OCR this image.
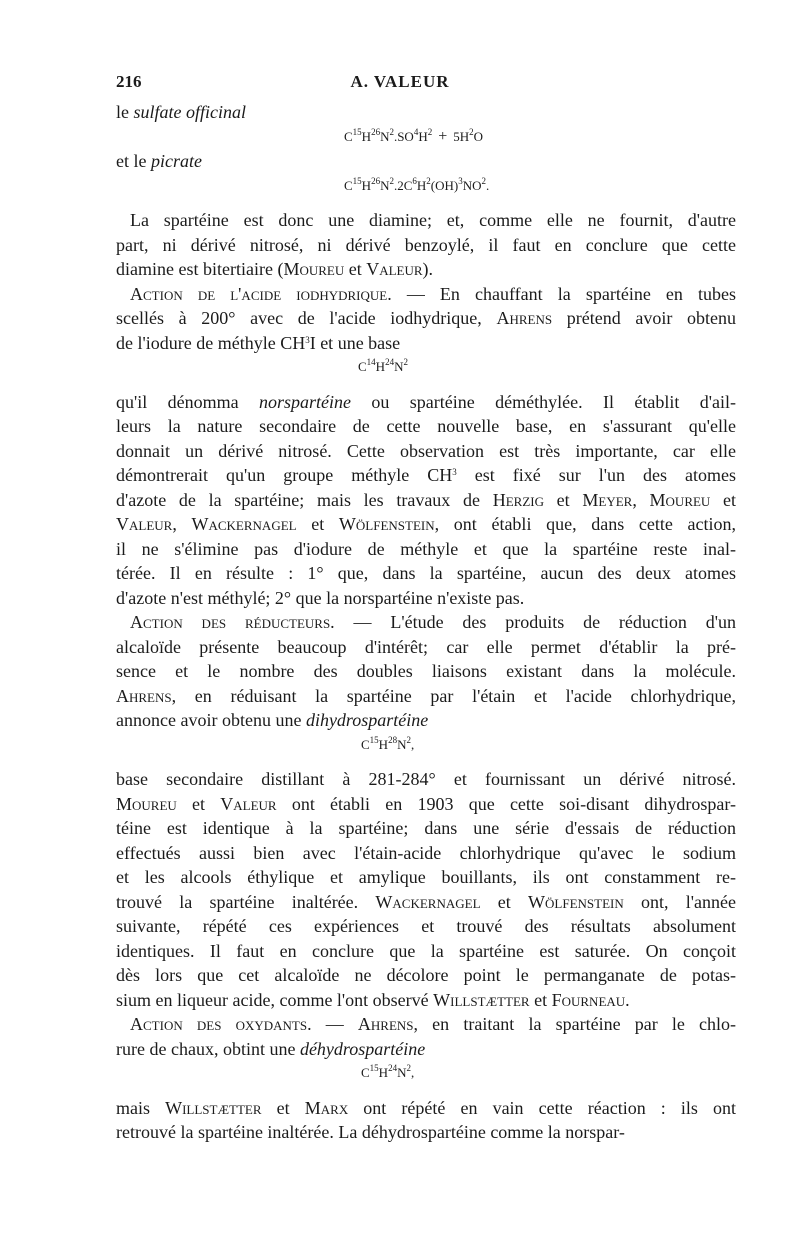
A. VALEUR
216
le sulfate officinal
$C^{15}H^{26}N^2.SO^4H^2 + 5H^2O$
et le picrate
$C^{15}H^{26}N^2.2C^6H^2(OH)^3NO^2$.
La spartéine est donc une diamine; et, comme elle ne fournit, d'autre
part, ni dérivé nitrosé, ni dérivé benzoylé, il faut en conclure que cette
diamine est bitertiaire (Moureu et Valeur).
Action de l'acide iodhydrique. — En chauffant la spartéine en tubes
scellés à 200° avec de l'acide iodhydrique, Ahrens prétend avoir obtenu
de l'iodure de méthyle $CH^3I$ et une base
$C^{14}H^{24}N^2$
qu'il dénomma norspartéine ou spartéine déméthylée. Il établit d'ail-
leurs la nature secondaire de cette nouvelle base, en s'assurant qu'elle
donnait un dérivé nitrosé. Cette observation est très importante, car elle
démontrerait qu'un groupe méthyle $CH^3$ est fixé sur l'un des atomes
d'azote de la spartéine; mais les travaux de Herzig et Meyer, Moureu et
Valeur, Wackernagel et Wölfenstein, ont établi que, dans cette action,
il ne s'élimine pas d'iodure de méthyle et que la spartéine reste inal-
térée. Il en résulte : 1° que, dans la spartéine, aucun des deux atomes
d'azote n'est méthylé; 2° que la norspartéine n'existe pas.
Action des réducteurs. — L'étude des produits de réduction d'un
alcaloïde présente beaucoup d'intérêt; car elle permet d'établir la pré-
sence et le nombre des doubles liaisons existant dans la molécule.
Ahrens, en réduisant la spartéine par l'étain et l'acide chlorhydrique,
annonce avoir obtenu une dihydrospartéine
$C^{15}H^{28}N^2$,
base secondaire distillant à 281-284° et fournissant un dérivé nitrosé.
Moureu et Valeur ont établi en 1903 que cette soi-disant dihydrospar-
téine est identique à la spartéine; dans une série d'essais de réduction
effectués aussi bien avec l'étain-acide chlorhydrique qu'avec le sodium
et les alcools éthylique et amylique bouillants, ils ont constamment re-
trouvé la spartéine inaltérée. Wackernagel et Wölfenstein ont, l'année
suivante, répété ces expériences et trouvé des résultats absolument
identiques. Il faut en conclure que la spartéine est saturée. On conçoit
dès lors que cet alcaloïde ne décolore point le permanganate de potas-
sium en liqueur acide, comme l'ont observé Willstætter et Fourneau.
Action des oxydants. — Ahrens, en traitant la spartéine par le chlo-
rure de chaux, obtint une déhydrospartéine
$C^{15}H^{24}N^2$,
mais Willstætter et Marx ont répété en vain cette réaction : ils ont
retrouvé la spartéine inaltérée. La déhydrospartéine comme la norspar-
